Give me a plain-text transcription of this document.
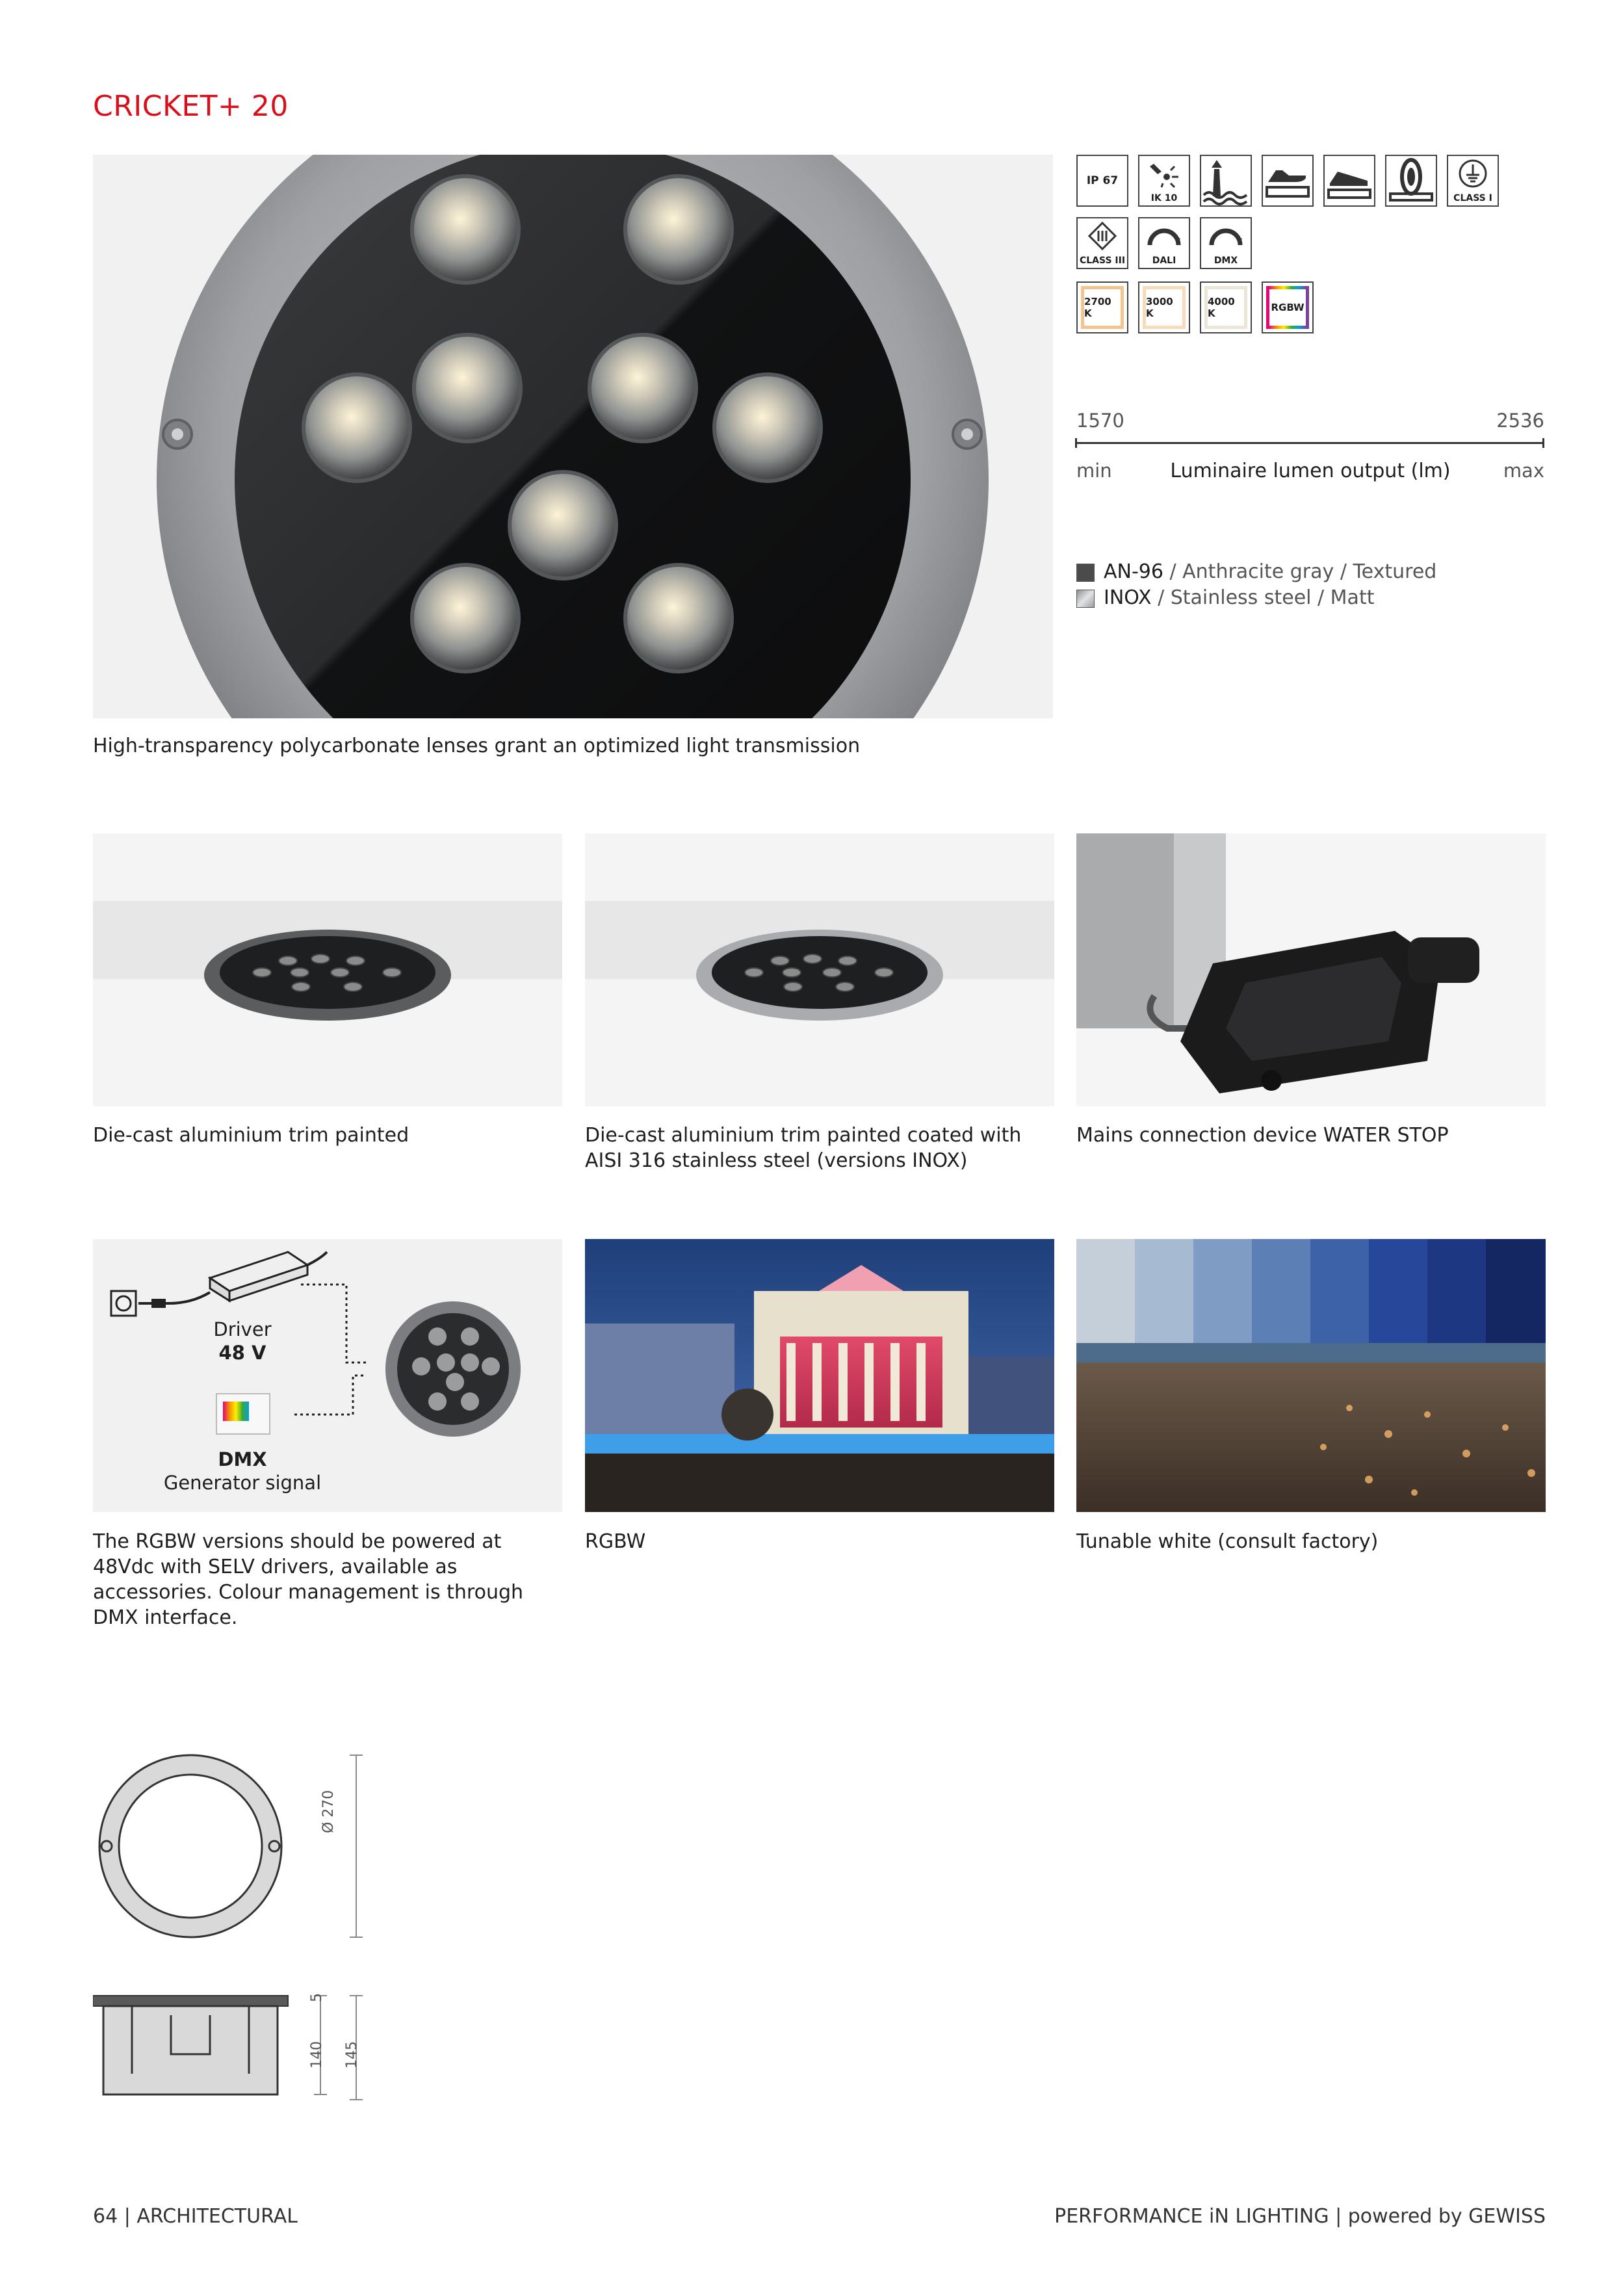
CRICKET+ 20
High-transparency polycarbonate lenses grant an optimized light transmission
IP 67
IK 10	CLASS I
CLASS III
-	+
DALI
-	+
DMX
2700 K
3000 K
4000 K	RGBW
1570	2536
min	Luminaire lumen output (lm)	max
AN-96 / Anthracite gray / Textured
INOX / Stainless steel / Matt
Die-cast aluminium trim painted	Die-cast aluminium trim painted coated with AISI 316 stainless steel (versions INOX)
Mains connection device WATER STOP
Driver
48 V
DMX
Generator signal
The RGBW versions should be powered at 48Vdc with SELV drivers, available as accessories. Colour management is through DMX interface.
RGBW	Tunable white (consult factory)
Ø 270
5
140 145
64 | ARCHITECTURAL	PERFORMANCE iN LIGHTING | powered by GEWISS
